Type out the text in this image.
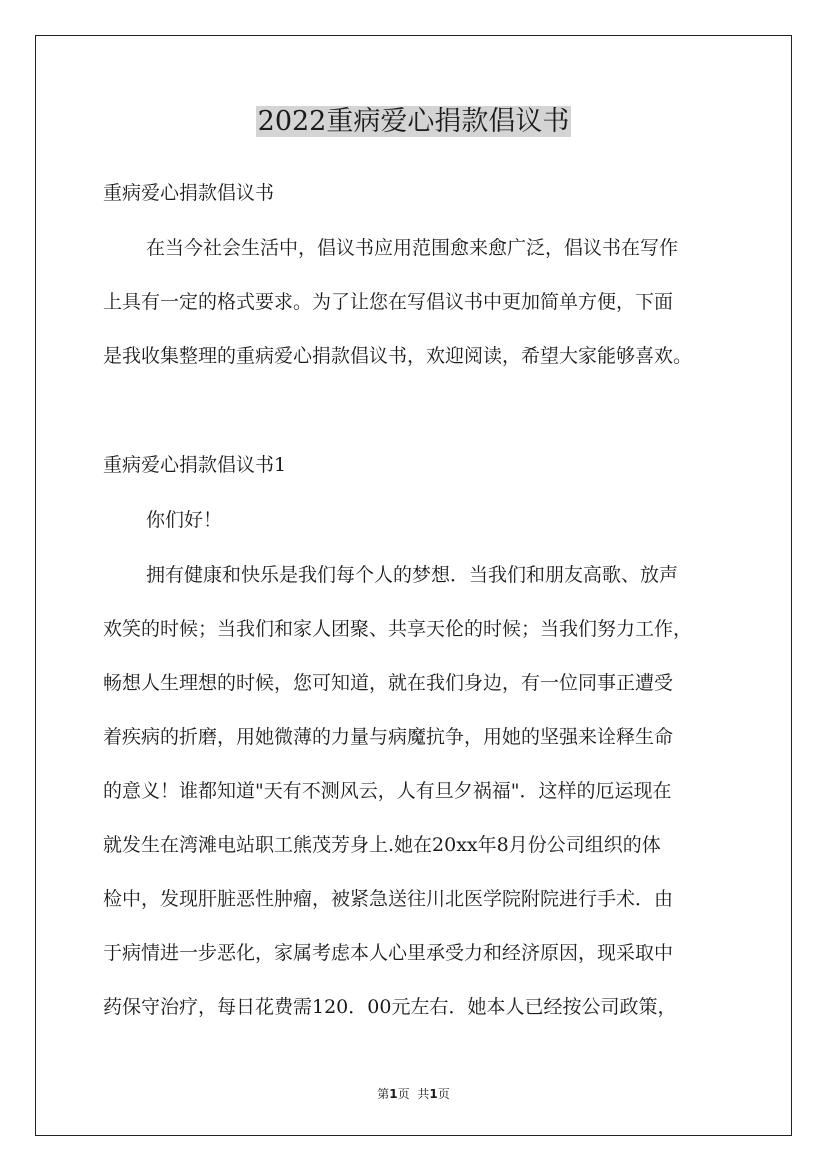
2022重病爱心捐款倡议书
重病爱心捐款倡议书
在当今社会生活中，倡议书应用范围愈来愈广泛，倡议书在写作
上具有一定的格式要求。为了让您在写倡议书中更加简单方便，下面
是我收集整理的重病爱心捐款倡议书，欢迎阅读，希望大家能够喜欢。
重病爱心捐款倡议书1
你们好！
拥有健康和快乐是我们每个人的梦想．当我们和朋友高歌、放声
欢笑的时候；当我们和家人团聚、共享天伦的时候；当我们努力工作，
畅想人生理想的时候，您可知道，就在我们身边，有一位同事正遭受
着疾病的折磨，用她微薄的力量与病魔抗争，用她的坚强来诠释生命
的意义！谁都知道"天有不测风云，人有旦夕祸福"．这样的厄运现在
就发生在湾滩电站职工熊茂芳身上.她在20xx年8月份公司组织的体
检中，发现肝脏恶性肿瘤，被紧急送往川北医学院附院进行手术．由
于病情进一步恶化，家属考虑本人心里承受力和经济原因，现采取中
药保守治疗，每日花费需120．00元左右．她本人已经按公司政策，
第1页 共1页
